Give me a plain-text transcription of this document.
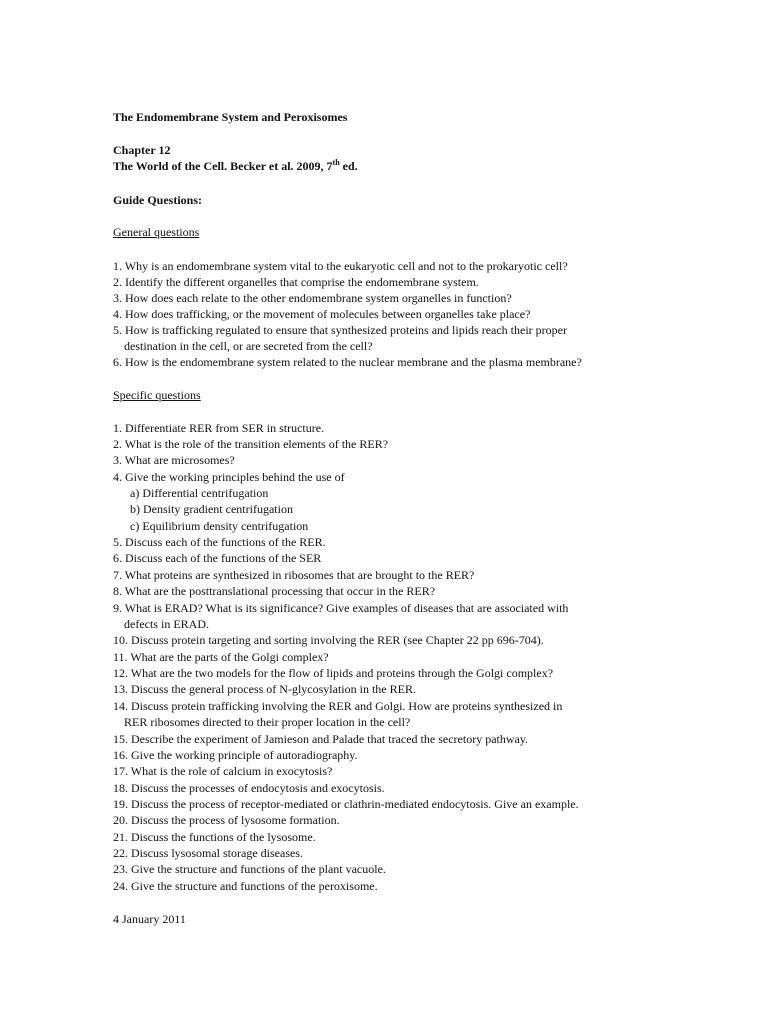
The Endomembrane System and Peroxisomes
Chapter 12
The World of the Cell. Becker et al. 2009, 7th ed.
Guide Questions:
General questions
1. Why is an endomembrane system vital to the eukaryotic cell and not to the prokaryotic cell?
2. Identify the different organelles that comprise the endomembrane system.
3. How does each relate to the other endomembrane system organelles in function?
4. How does trafficking, or the movement of molecules between organelles take place?
5. How is trafficking regulated to ensure that synthesized proteins and lipids reach their proper
destination in the cell, or are secreted from the cell?
6. How is the endomembrane system related to the nuclear membrane and the plasma membrane?
Specific questions
1. Differentiate RER from SER in structure.
2. What is the role of the transition elements of the RER?
3. What are microsomes?
4. Give the working principles behind the use of
a) Differential centrifugation
b) Density gradient centrifugation
c) Equilibrium density centrifugation
5. Discuss each of the functions of the RER.
6. Discuss each of the functions of the SER
7. What proteins are synthesized in ribosomes that are brought to the RER?
8. What are the posttranslational processing that occur in the RER?
9. What is ERAD? What is its significance? Give examples of diseases that are associated with
defects in ERAD.
10. Discuss protein targeting and sorting involving the RER (see Chapter 22 pp 696-704).
11. What are the parts of the Golgi complex?
12. What are the two models for the flow of lipids and proteins through the Golgi complex?
13. Discuss the general process of N-glycosylation in the RER.
14. Discuss protein trafficking involving the RER and Golgi. How are proteins synthesized in
RER ribosomes directed to their proper location in the cell?
15. Describe the experiment of Jamieson and Palade that traced the secretory pathway.
16. Give the working principle of autoradiography.
17. What is the role of calcium in exocytosis?
18. Discuss the processes of endocytosis and exocytosis.
19. Discuss the process of receptor-mediated or clathrin-mediated endocytosis. Give an example.
20. Discuss the process of lysosome formation.
21. Discuss the functions of the lysosome.
22. Discuss lysosomal storage diseases.
23. Give the structure and functions of the plant vacuole.
24. Give the structure and functions of the peroxisome.
4 January 2011
